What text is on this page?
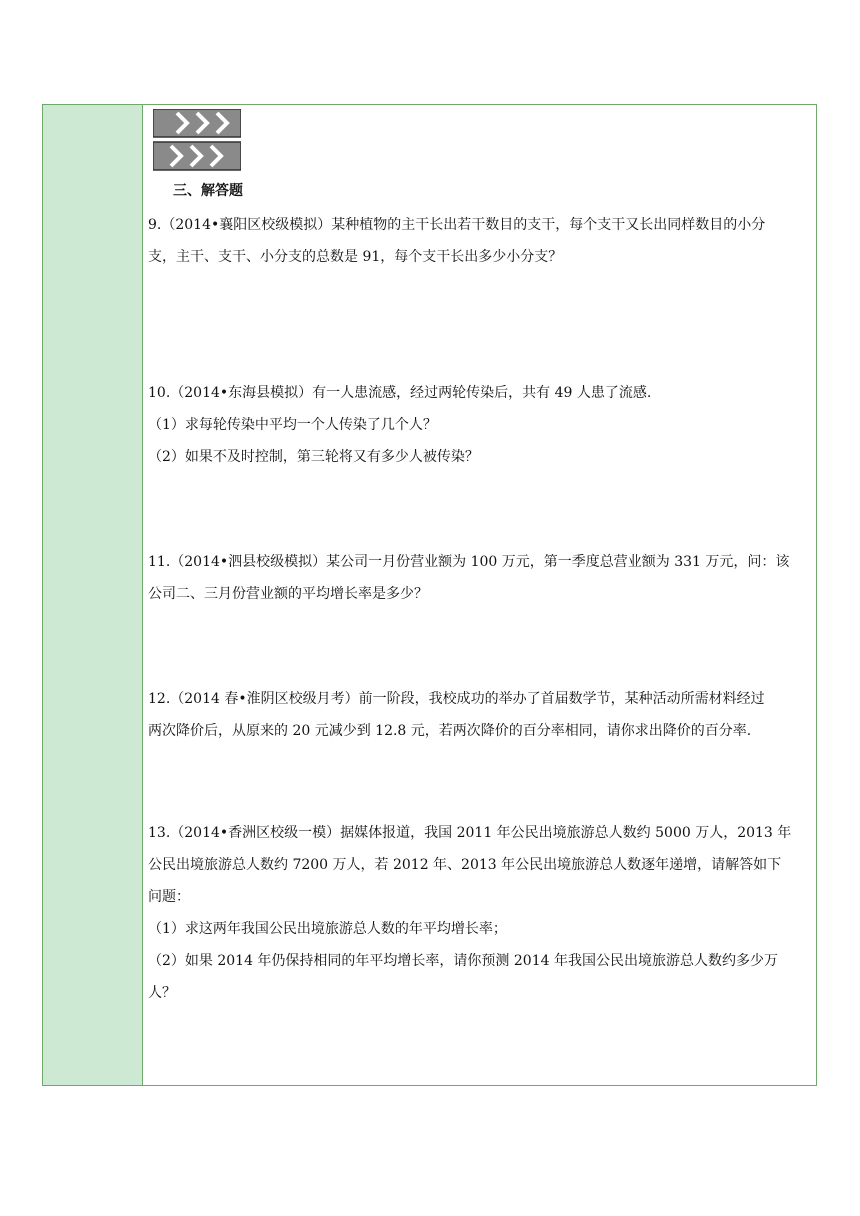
三、解答题

9.（2014•襄阳区校级模拟）某种植物的主干长出若干数目的支干，每个支干又长出同样数目的小分

支，主干、支干、小分支的总数是 91，每个支干长出多少小分支？

10.（2014•东海县模拟）有一人患流感，经过两轮传染后，共有 49 人患了流感.

（1）求每轮传染中平均一个人传染了几个人？

（2）如果不及时控制，第三轮将又有多少人被传染？

11.（2014•泗县校级模拟）某公司一月份营业额为 100 万元，第一季度总营业额为 331 万元，问：该

公司二、三月份营业额的平均增长率是多少？

12.（2014 春•淮阴区校级月考）前一阶段，我校成功的举办了首届数学节，某种活动所需材料经过

两次降价后，从原来的 20 元减少到 12.8 元，若两次降价的百分率相同，请你求出降价的百分率.

13.（2014•香洲区校级一模）据媒体报道，我国 2011 年公民出境旅游总人数约 5000 万人，2013 年

公民出境旅游总人数约 7200 万人，若 2012 年、2013 年公民出境旅游总人数逐年递增，请解答如下

问题：

（1）求这两年我国公民出境旅游总人数的年平均增长率；

（2）如果 2014 年仍保持相同的年平均增长率，请你预测 2014 年我国公民出境旅游总人数约多少万

人？
